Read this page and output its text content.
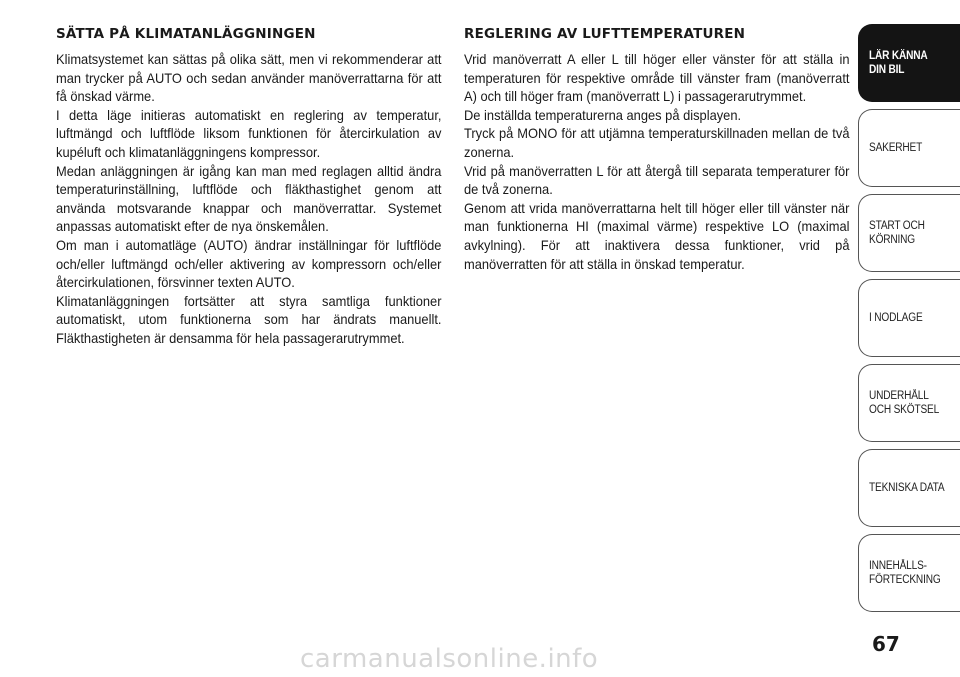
SÄTTA PÅ KLIMATANLÄGGNINGEN

Klimatsystemet kan sättas på olika sätt, men vi rekommenderar att man trycker på AUTO och sedan använder manöverrattarna för att få önskad värme.

I detta läge initieras automatiskt en reglering av temperatur, luftmängd och luftflöde liksom funktionen för återcirkulation av kupéluft och klimatanläggningens kompressor.

Medan anläggningen är igång kan man med reglagen alltid ändra temperaturinställning, luftflöde och fläkthastighet genom att använda motsvarande knappar och manöverrattar. Systemet anpassas automatiskt efter de nya önskemålen.

Om man i automatläge (AUTO) ändrar inställningar för luftflöde och/eller luftmängd och/eller aktivering av kompressorn och/eller återcirkulationen, försvinner texten AUTO.

Klimatanläggningen fortsätter att styra samtliga funktioner automatiskt, utom funktionerna som har ändrats manuellt. Fläkthastigheten är densamma för hela passagerarutrymmet.

REGLERING AV LUFTTEMPERATUREN

Vrid manöverratt A eller L till höger eller vänster för att ställa in temperaturen för respektive område till vänster fram (manöverratt A) och till höger fram (manöverratt L) i passagerarutrymmet.

De inställda temperaturerna anges på displayen.

Tryck på MONO för att utjämna temperaturskillnaden mellan de två zonerna.

Vrid på manöverratten L för att återgå till separata temperaturer för de två zonerna.

Genom att vrida manöverrattarna helt till höger eller till vänster när man funktionerna HI (maximal värme) respektive LO (maximal avkylning). För att inaktivera dessa funktioner, vrid på manöverratten för att ställa in önskad temperatur.

LÄR KÄNNA
DIN BIL
SÄKERHET
START OCH
KÖRNING
I NÖDLÄGE
UNDERHÅLL
OCH SKÖTSEL
TEKNISKA DATA
INNEHÅLLS-
FÖRTECKNING
67
carmanualsonline.info
